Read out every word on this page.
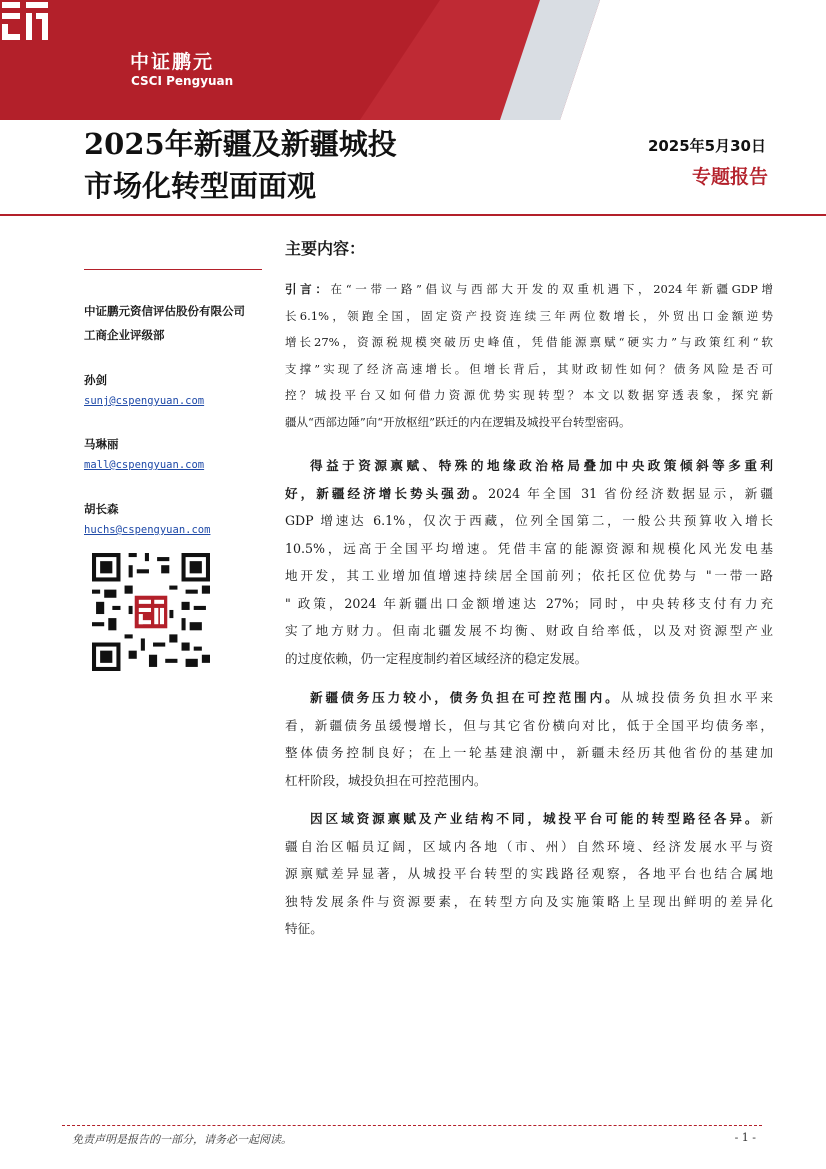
中证鹏元
CSCI Pengyuan
2025年新疆及新疆城投
市场化转型面面观
2025年5月30日
专题报告
主要内容：
中证鹏元资信评估股份有限公司
工商企业评级部
孙剑
sunj@cspengyuan.com
马琳丽
mall@cspengyuan.com
胡长森
huchs@cspengyuan.com
引言：在“一带一路”倡议与西部大开发的双重机遇下，2024年新疆GDP增
长6.1%，领跑全国，固定资产投资连续三年两位数增长，外贸出口金额逆势
增长27%，资源税规模突破历史峰值，凭借能源禀赋“硬实力”与政策红利“软
支撑”实现了经济高速增长。但增长背后，其财政韧性如何？债务风险是否可
控？城投平台又如何借力资源优势实现转型？本文以数据穿透表象，探究新
疆从“西部边陲”向“开放枢纽”跃迁的内在逻辑及城投平台转型密码。
得益于资源禀赋、特殊的地缘政治格局叠加中央政策倾斜等多重利
好，新疆经济增长势头强劲。2024 年全国 31 省份经济数据显示，新疆
GDP 增速达 6.1%，仅次于西藏，位列全国第二，一般公共预算收入增长
10.5%，远高于全国平均增速。凭借丰富的能源资源和规模化风光发电基
地开发，其工业增加值增速持续居全国前列；依托区位优势与 "一带一路
" 政策，2024 年新疆出口金额增速达 27%；同时，中央转移支付有力充
实了地方财力。但南北疆发展不均衡、财政自给率低，以及对资源型产业
的过度依赖，仍一定程度制约着区域经济的稳定发展。
新疆债务压力较小，债务负担在可控范围内。从城投债务负担水平来
看，新疆债务虽缓慢增长，但与其它省份横向对比，低于全国平均债务率，
整体债务控制良好；在上一轮基建浪潮中，新疆未经历其他省份的基建加
杠杆阶段，城投负担在可控范围内。
因区域资源禀赋及产业结构不同，城投平台可能的转型路径各异。新
疆自治区幅员辽阔，区域内各地（市、州）自然环境、经济发展水平与资
源禀赋差异显著，从城投平台转型的实践路径观察，各地平台也结合属地
独特发展条件与资源要素，在转型方向及实施策略上呈现出鲜明的差异化
特征。
免责声明是报告的一部分，请务必一起阅读。	- 1 -
